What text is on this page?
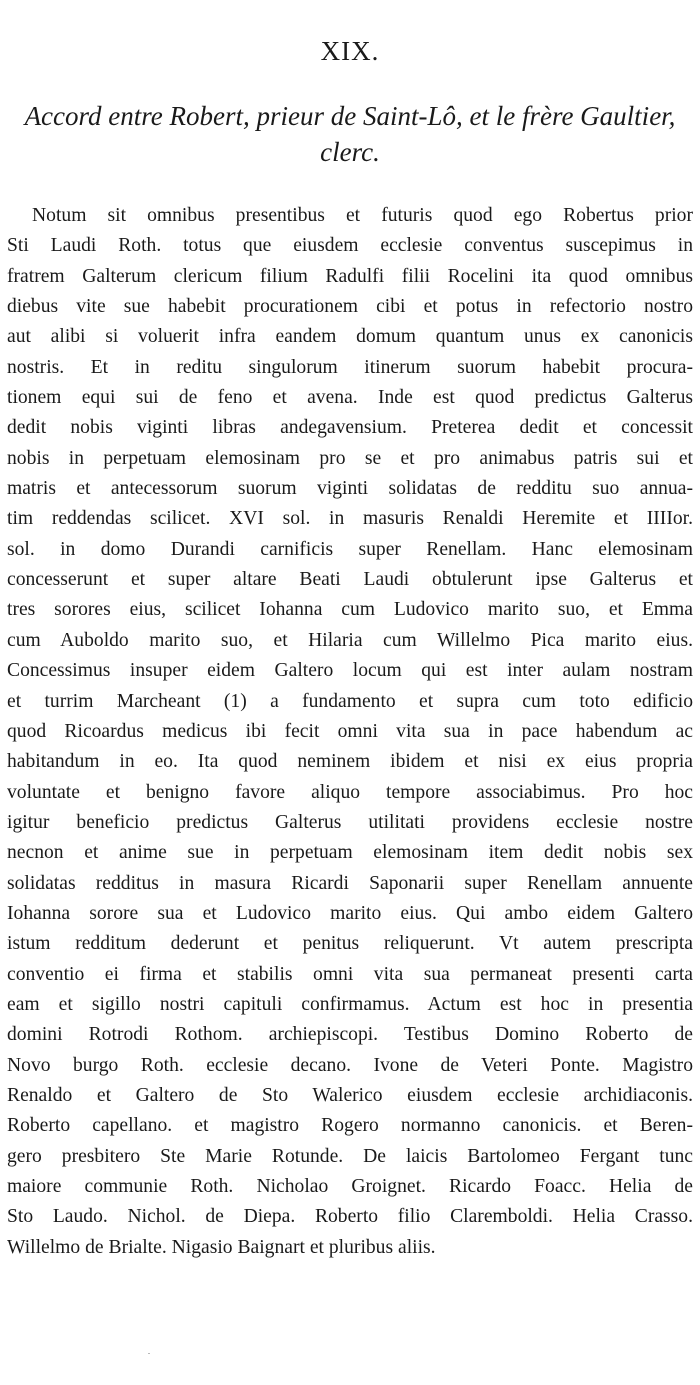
XIX.
Accord entre Robert, prieur de Saint-Lô, et le frère Gaultier,
clerc.
Notum sit omnibus presentibus et futuris quod ego Robertus prior
Sti Laudi Roth. totus que eiusdem ecclesie conventus suscepimus in
fratrem Galterum clericum filium Radulfi filii Rocelini ita quod omnibus
diebus vite sue habebit procurationem cibi et potus in refectorio nostro
aut alibi si voluerit infra eandem domum quantum unus ex canonicis
nostris. Et in reditu singulorum itinerum suorum habebit procura-
tionem equi sui de feno et avena. Inde est quod predictus Galterus
dedit nobis viginti libras andegavensium. Preterea dedit et concessit
nobis in perpetuam elemosinam pro se et pro animabus patris sui et
matris et antecessorum suorum viginti solidatas de redditu suo annua-
tim reddendas scilicet. XVI sol. in masuris Renaldi Heremite et IIIIor.
sol. in domo Durandi carnificis super Renellam. Hanc elemosinam
concesserunt et super altare Beati Laudi obtulerunt ipse Galterus et
tres sorores eius, scilicet Iohanna cum Ludovico marito suo, et Emma
cum Auboldo marito suo, et Hilaria cum Willelmo Pica marito eius.
Concessimus insuper eidem Galtero locum qui est inter aulam nostram
et turrim Marcheant (1) a fundamento et supra cum toto edificio
quod Ricoardus medicus ibi fecit omni vita sua in pace habendum ac
habitandum in eo. Ita quod neminem ibidem et nisi ex eius propria
voluntate et benigno favore aliquo tempore associabimus. Pro hoc
igitur beneficio predictus Galterus utilitati providens ecclesie nostre
necnon et anime sue in perpetuam elemosinam item dedit nobis sex
solidatas redditus in masura Ricardi Saponarii super Renellam annuente
Iohanna sorore sua et Ludovico marito eius. Qui ambo eidem Galtero
istum redditum dederunt et penitus reliquerunt. Vt autem prescripta
conventio ei firma et stabilis omni vita sua permaneat presenti carta
eam et sigillo nostri capituli confirmamus. Actum est hoc in presentia
domini Rotrodi Rothom. archiepiscopi. Testibus Domino Roberto de
Novo burgo Roth. ecclesie decano. Ivone de Veteri Ponte. Magistro
Renaldo et Galtero de Sto Walerico eiusdem ecclesie archidiaconis.
Roberto capellano. et magistro Rogero normanno canonicis. et Beren-
gero presbitero Ste Marie Rotunde. De laicis Bartolomeo Fergant tunc
maiore communie Roth. Nicholao Groignet. Ricardo Foacc. Helia de
Sto Laudo. Nichol. de Diepa. Roberto filio Claremboldi. Helia Crasso.
Willelmo de Brialte. Nigasio Baignart et pluribus aliis.
